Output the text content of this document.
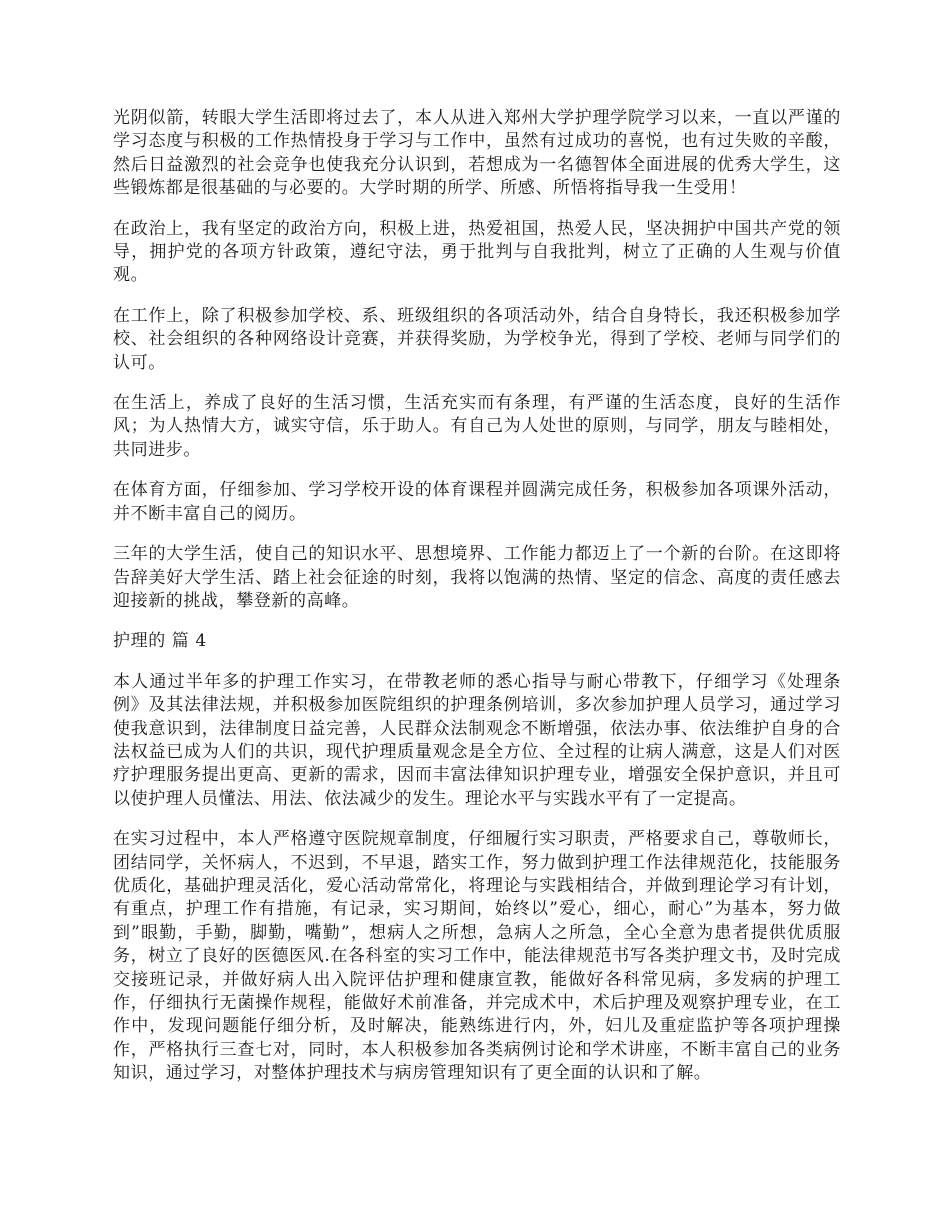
光阴似箭，转眼大学生活即将过去了，本人从进入郑州大学护理学院学习以来，一直以严谨的学习态度与积极的工作热情投身于学习与工作中，虽然有过成功的喜悦，也有过失败的辛酸，然后日益激烈的社会竞争也使我充分认识到，若想成为一名德智体全面进展的优秀大学生，这些锻炼都是很基础的与必要的。大学时期的所学、所感、所悟将指导我一生受用！

在政治上，我有坚定的政治方向，积极上进，热爱祖国，热爱人民，坚决拥护中国共产党的领导，拥护党的各项方针政策，遵纪守法，勇于批判与自我批判，树立了正确的人生观与价值观。

在工作上，除了积极参加学校、系、班级组织的各项活动外，结合自身特长，我还积极参加学校、社会组织的各种网络设计竞赛，并获得奖励，为学校争光，得到了学校、老师与同学们的认可。

在生活上，养成了良好的生活习惯，生活充实而有条理，有严谨的生活态度，良好的生活作风；为人热情大方，诚实守信，乐于助人。有自己为人处世的原则，与同学，朋友与睦相处，共同进步。

在体育方面，仔细参加、学习学校开设的体育课程并圆满完成任务，积极参加各项课外活动，并不断丰富自己的阅历。

三年的大学生活，使自己的知识水平、思想境界、工作能力都迈上了一个新的台阶。在这即将告辞美好大学生活、踏上社会征途的时刻，我将以饱满的热情、坚定的信念、高度的责任感去迎接新的挑战，攀登新的高峰。

护理的 篇 4

本人通过半年多的护理工作实习，在带教老师的悉心指导与耐心带教下，仔细学习《处理条例》及其法律法规，并积极参加医院组织的护理条例培训，多次参加护理人员学习，通过学习使我意识到，法律制度日益完善，人民群众法制观念不断增强，依法办事、依法维护自身的合法权益已成为人们的共识，现代护理质量观念是全方位、全过程的让病人满意，这是人们对医疗护理服务提出更高、更新的需求，因而丰富法律知识护理专业，增强安全保护意识，并且可以使护理人员懂法、用法、依法减少的发生。理论水平与实践水平有了一定提高。

在实习过程中，本人严格遵守医院规章制度，仔细履行实习职责，严格要求自己，尊敬师长，团结同学，关怀病人，不迟到，不早退，踏实工作，努力做到护理工作法律规范化，技能服务优质化，基础护理灵活化，爱心活动常常化，将理论与实践相结合，并做到理论学习有计划，有重点，护理工作有措施，有记录，实习期间，始终以”爱心，细心，耐心”为基本，努力做到”眼勤，手勤，脚勤，嘴勤”，想病人之所想，急病人之所急，全心全意为患者提供优质服务，树立了良好的医德医风.在各科室的实习工作中，能法律规范书写各类护理文书，及时完成交接班记录，并做好病人出入院评估护理和健康宣教，能做好各科常见病，多发病的护理工作，仔细执行无菌操作规程，能做好术前准备，并完成术中，术后护理及观察护理专业，在工作中，发现问题能仔细分析，及时解决，能熟练进行内，外，妇儿及重症监护等各项护理操作，严格执行三查七对，同时，本人积极参加各类病例讨论和学术讲座，不断丰富自己的业务知识，通过学习，对整体护理技术与病房管理知识有了更全面的认识和了解。
